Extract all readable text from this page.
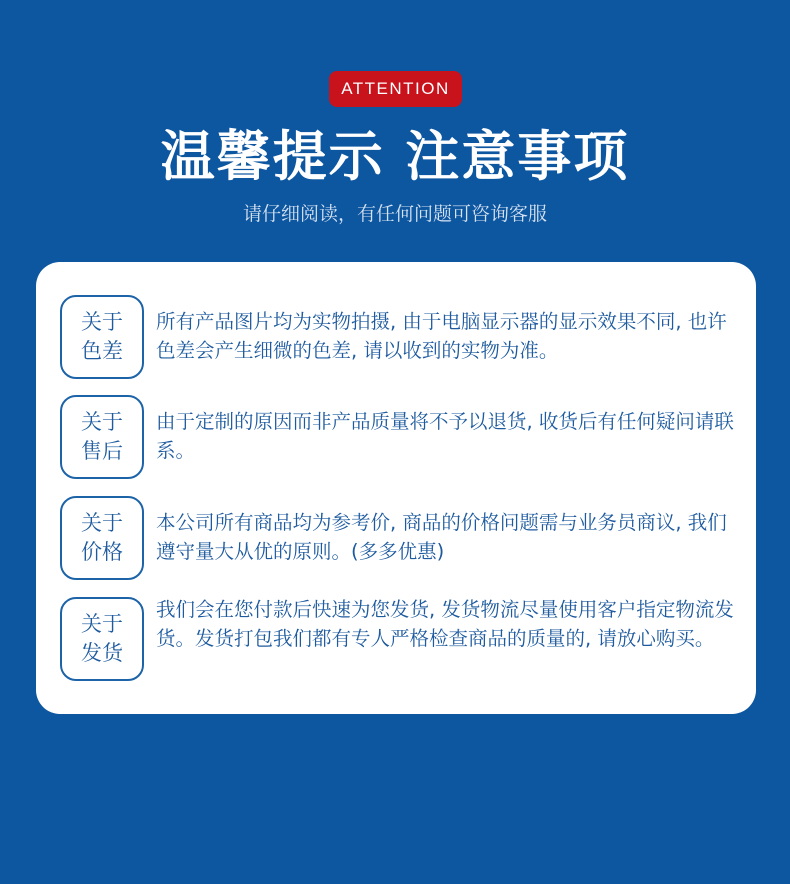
ATTENTION
温馨提示 注意事项
请仔细阅读，有任何问题可咨询客服
关于
色差
所有产品图片均为实物拍摄, 由于电脑显示器的显示效果不同, 也许色差会产生细微的色差, 请以收到的实物为准。
关于
售后
由于定制的原因而非产品质量将不予以退货, 收货后有任何疑问请联系。
关于
价格
本公司所有商品均为参考价, 商品的价格问题需与业务员商议, 我们遵守量大从优的原则。(多多优惠)
关于
发货
我们会在您付款后快速为您发货, 发货物流尽量使用客户指定物流发货。发货打包我们都有专人严格检查商品的质量的, 请放心购买。
